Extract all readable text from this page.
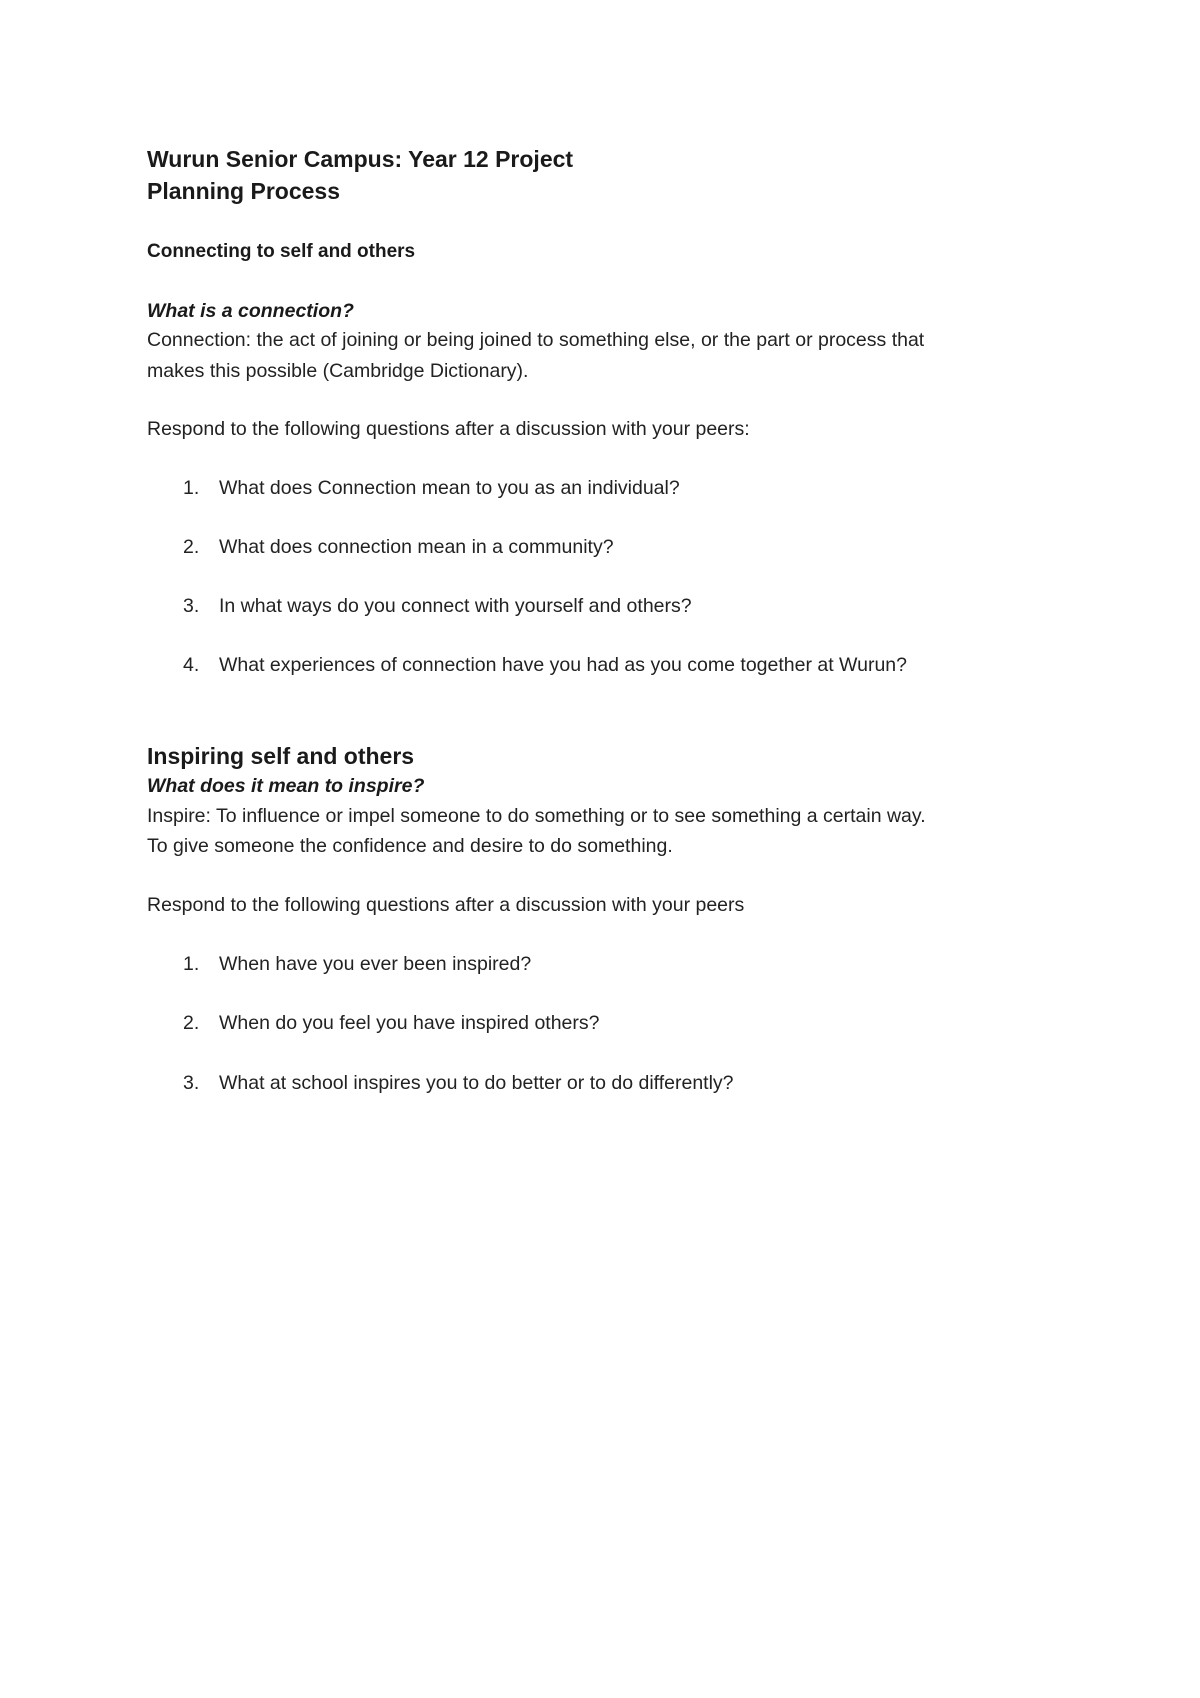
Wurun Senior Campus: Year 12 Project
Planning Process
Connecting to self and others
What is a connection?
Connection: the act of joining or being joined to something else, or the part or process that
makes this possible (Cambridge Dictionary).
Respond to the following questions after a discussion with your peers:
1.	What does Connection mean to you as an individual?
2.	What does connection mean in a community?
3.	In what ways do you connect with yourself and others?
4.	What experiences of connection have you had as you come together at Wurun?
Inspiring self and others
What does it mean to inspire?
Inspire: To influence or impel someone to do something or to see something a certain way.
To give someone the confidence and desire to do something.
Respond to the following questions after a discussion with your peers
1.	When have you ever been inspired?
2.	When do you feel you have inspired others?
3.	What at school inspires you to do better or to do differently?
